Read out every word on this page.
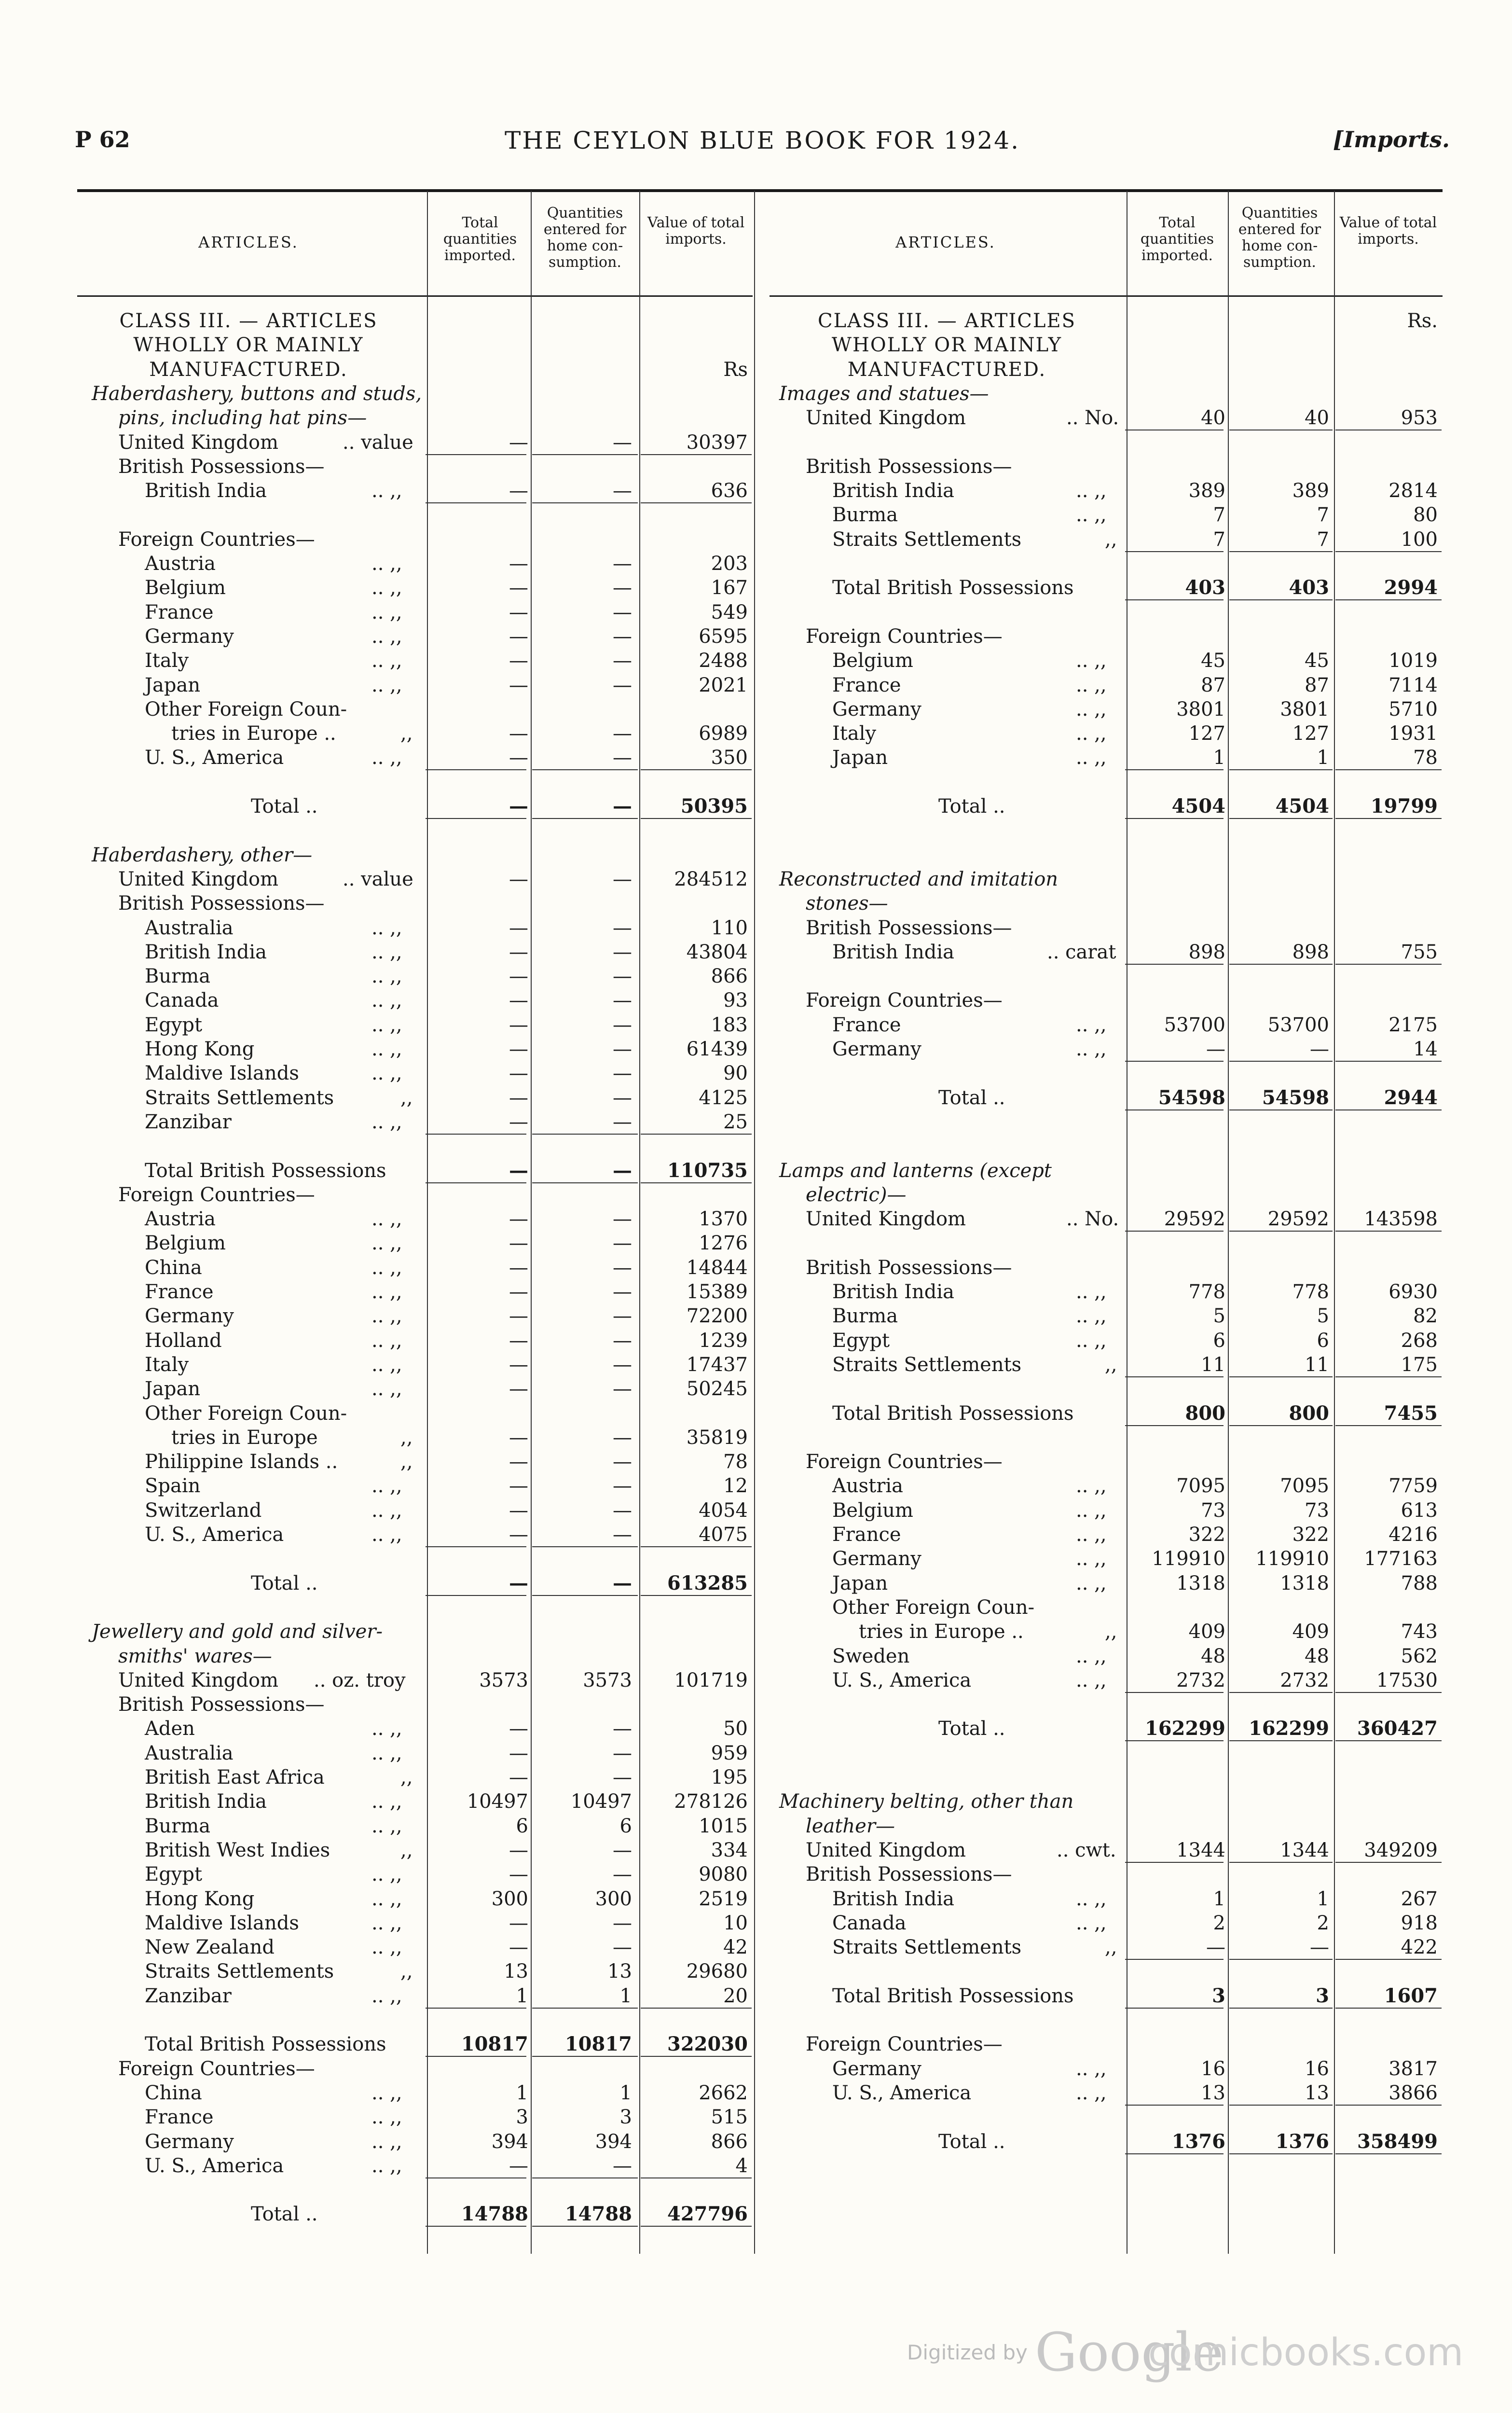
P 62	THE CEYLON BLUE BOOK FOR 1924.	[Imports.
ARTICLES.
Total quantities imported.
Quantities entered for home con- sumption.
Value of total imports.	ARTICLES.
Total quantities imported.
Quantities entered for home con- sumption.
Value of total imports.
CLASS III. — ARTICLES
WHOLLY OR MAINLY
MANUFACTURED.	Rs
Haberdashery, buttons and studs,
pins, including hat pins—
United Kingdom	.. value	—	—	30397
British Possessions—
British India	.. ,,	—	—	636
Foreign Countries—
Austria	.. ,,	—	—	203
Belgium	.. ,,	—	—	167
France	.. ,,	—	—	549
Germany	.. ,,	—	—	6595
Italy	.. ,,	—	—	2488
Japan	.. ,,	—	—	2021
Other Foreign Coun-
tries in Europe ..	,,	—	—	6989
U. S., America	.. ,,	—	—	350
Total ..	—	—	50395
Haberdashery, other—
United Kingdom	.. value	—	—	284512
British Possessions—
Australia	.. ,,	—	—	110
British India	.. ,,	—	—	43804
Burma	.. ,,	—	—	866
Canada	.. ,,	—	—	93
Egypt	.. ,,	—	—	183
Hong Kong	.. ,,	—	—	61439
Maldive Islands	.. ,,	—	—	90
Straits Settlements	,,	—	—	4125
Zanzibar	.. ,,	—	—	25
Total British Possessions	—	—	110735
Foreign Countries—
Austria	.. ,,	—	—	1370
Belgium	.. ,,	—	—	1276
China	.. ,,	—	—	14844
France	.. ,,	—	—	15389
Germany	.. ,,	—	—	72200
Holland	.. ,,	—	—	1239
Italy	.. ,,	—	—	17437
Japan	.. ,,	—	—	50245
Other Foreign Coun-
tries in Europe	,,	—	—	35819
Philippine Islands ..	,,	—	—	78
Spain	.. ,,	—	—	12
Switzerland	.. ,,	—	—	4054
U. S., America	.. ,,	—	—	4075
Total ..	—	—	613285
Jewellery and gold and silver-
smiths' wares—
United Kingdom .. oz. troy	3573	3573	101719
British Possessions—
Aden	.. ,,	—	—	50
Australia	.. ,,	—	—	959
British East Africa	,,	—	—	195
British India	.. ,,	10497	10497	278126
Burma	.. ,,	6	6	1015
British West Indies	,,	—	—	334
Egypt	.. ,,	—	—	9080
Hong Kong	.. ,,	300	300	2519
Maldive Islands	.. ,,	—	—	10
New Zealand	.. ,,	—	—	42
Straits Settlements	,,	13	13	29680
Zanzibar	.. ,,	1	1	20
Total British Possessions	10817	10817	322030
Foreign Countries—
China	.. ,,	1	1	2662
France	.. ,,	3	3	515
Germany	.. ,,	394	394	866
U. S., America	.. ,,	—	—	4
Total ..	14788	14788	427796
CLASS III. — ARTICLES	Rs.
WHOLLY OR MAINLY
MANUFACTURED.
Images and statues—
United Kingdom	.. No.	40	40	953
British Possessions—
British India	.. ,,	389	389	2814
Burma	.. ,,	7	7	80
Straits Settlements	,,	7	7	100
Total British Possessions	403	403	2994
Foreign Countries—
Belgium	.. ,,	45	45	1019
France	.. ,,	87	87	7114
Germany	.. ,,	3801	3801	5710
Italy	.. ,,	127	127	1931
Japan	.. ,,	1	1	78
Total ..	4504	4504	19799
Reconstructed and imitation
stones—
British Possessions—
British India	.. carat	898	898	755
Foreign Countries—
France	.. ,,	53700	53700	2175
Germany	.. ,,	—	—	14
Total ..	54598	54598	2944
Lamps and lanterns (except
electric)—
United Kingdom	.. No.	29592	29592	143598
British Possessions—
British India	.. ,,	778	778	6930
Burma	.. ,,	5	5	82
Egypt	.. ,,	6	6	268
Straits Settlements	,,	11	11	175
Total British Possessions	800	800	7455
Foreign Countries—
Austria	.. ,,	7095	7095	7759
Belgium	.. ,,	73	73	613
France	.. ,,	322	322	4216
Germany	.. ,,	119910	119910	177163
Japan	.. ,,	1318	1318	788
Other Foreign Coun-
tries in Europe ..	,,	409	409	743
Sweden	.. ,,	48	48	562
U. S., America	.. ,,	2732	2732	17530
Total ..	162299	162299	360427
Machinery belting, other than
leather—
United Kingdom	.. cwt.	1344	1344	349209
British Possessions—
British India	.. ,,	1	1	267
Canada	.. ,,	2	2	918
Straits Settlements	,,	—	—	422
Total British Possessions	3	3	1607
Foreign Countries—
Germany	.. ,,	16	16	3817
U. S., America	.. ,,	13	13	3866
Total ..	1376	1376	358499
Digitized by Google
comicbooks.com
